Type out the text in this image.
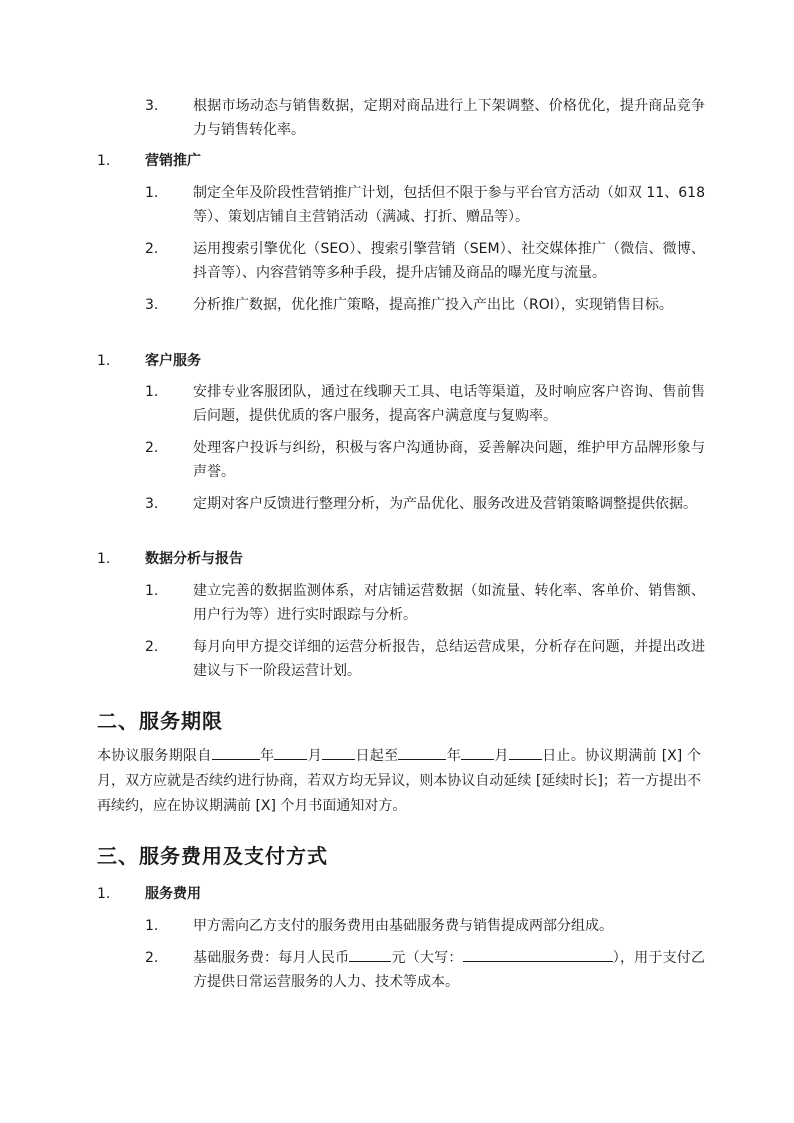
3. 根据市场动态与销售数据，定期对商品进行上下架调整、价格优化，提升商品竞争力与销售转化率。
1. 营销推广
1. 制定全年及阶段性营销推广计划，包括但不限于参与平台官方活动（如双 11、618 等）、策划店铺自主营销活动（满减、打折、赠品等）。
2. 运用搜索引擎优化（SEO）、搜索引擎营销（SEM）、社交媒体推广（微信、微博、抖音等）、内容营销等多种手段，提升店铺及商品的曝光度与流量。
3. 分析推广数据，优化推广策略，提高推广投入产出比（ROI），实现销售目标。
1. 客户服务
1. 安排专业客服团队，通过在线聊天工具、电话等渠道，及时响应客户咨询、售前售后问题，提供优质的客户服务，提高客户满意度与复购率。
2. 处理客户投诉与纠纷，积极与客户沟通协商，妥善解决问题，维护甲方品牌形象与声誉。
3. 定期对客户反馈进行整理分析，为产品优化、服务改进及营销策略调整提供依据。
1. 数据分析与报告
1. 建立完善的数据监测体系，对店铺运营数据（如流量、转化率、客单价、销售额、用户行为等）进行实时跟踪与分析。
2. 每月向甲方提交详细的运营分析报告，总结运营成果，分析存在问题，并提出改进建议与下一阶段运营计划。
二、服务期限

本协议服务期限自	年 月 日起至	年 月 日止。协议期满前 [X] 个月，双方应就是否续约进行协商，若双方均无异议，则本协议自动延续 [延续时长]；若一方提出不再续约，应在协议期满前 [X] 个月书面通知对方。

三、服务费用及支付方式
1. 服务费用
1. 甲方需向乙方支付的服务费用由基础服务费与销售提成两部分组成。
2. 基础服务费：每月人民币	元（大写：	），用于支付乙方提供日常运营服务的人力、技术等成本。
